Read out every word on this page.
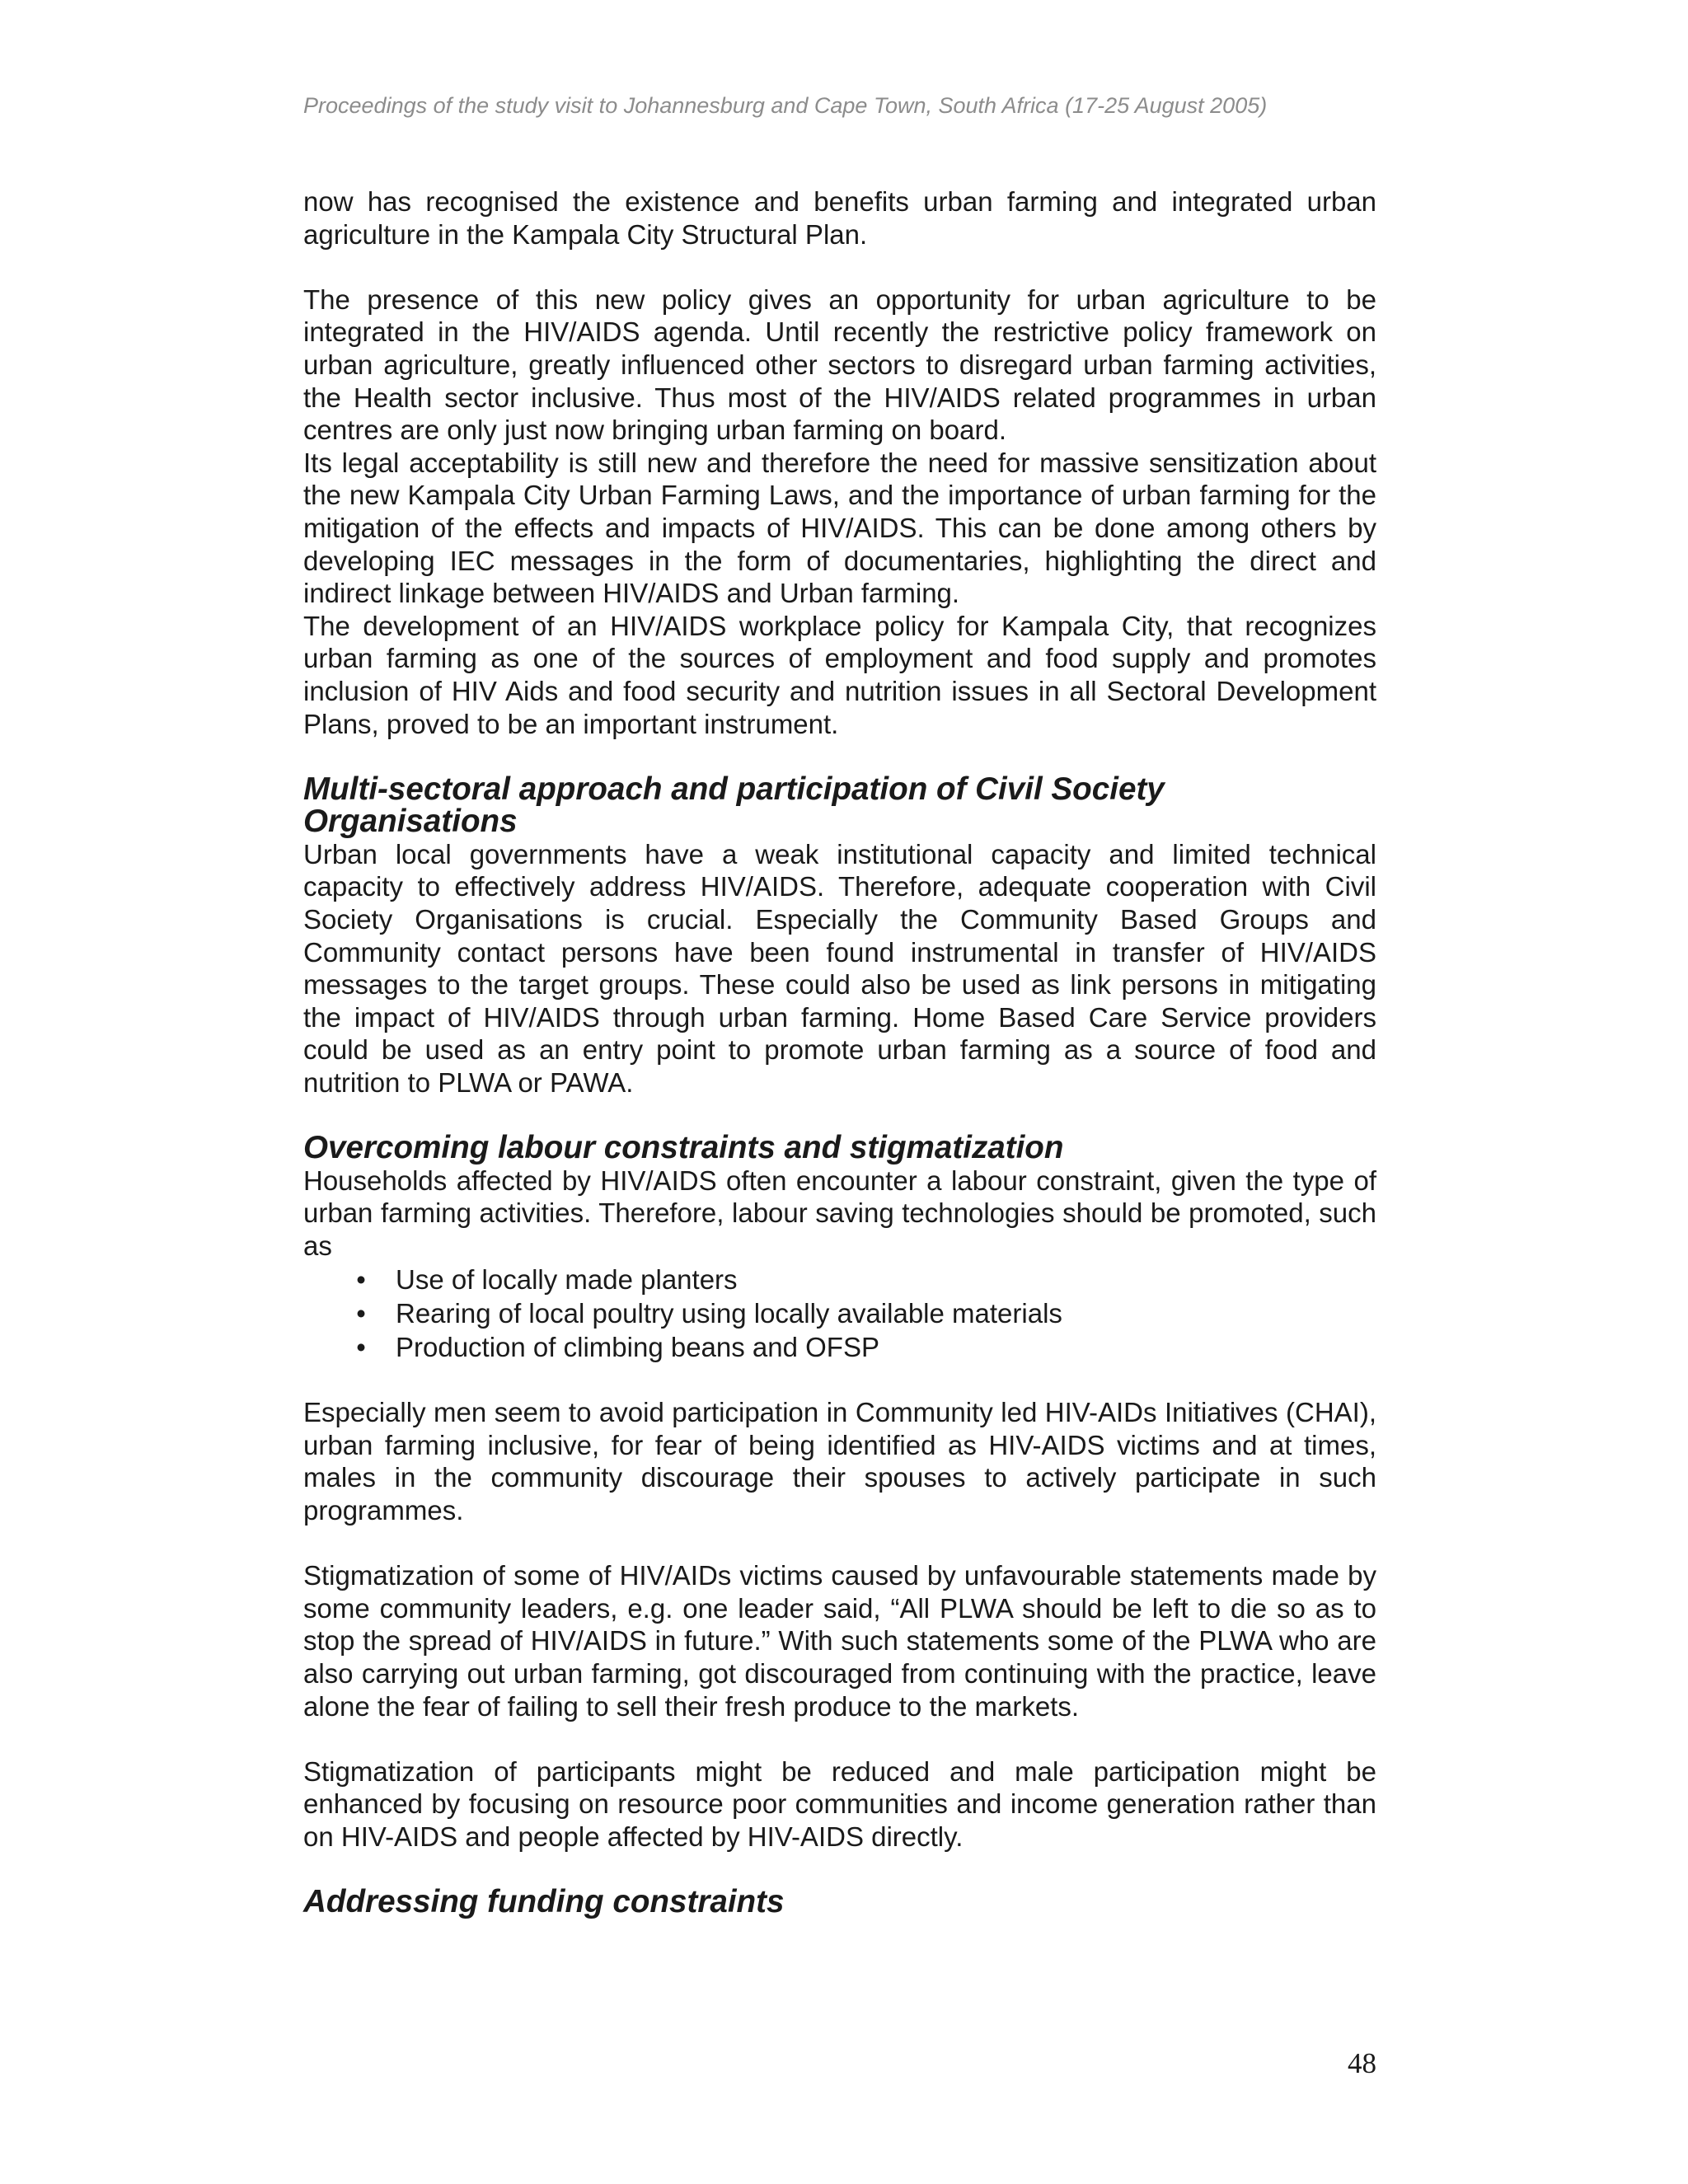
Proceedings of the study visit to Johannesburg and Cape Town, South Africa (17-25 August 2005)

now has recognised the existence and benefits urban farming and integrated urban agriculture in the Kampala City Structural Plan.

The presence of this new policy gives an opportunity for urban agriculture to be integrated in the HIV/AIDS agenda. Until recently the restrictive policy framework on urban agriculture, greatly influenced other sectors to disregard urban farming activities, the Health sector inclusive. Thus most of the HIV/AIDS related programmes in urban centres are only just now bringing urban farming on board.

Its legal acceptability is still new and therefore the need for massive sensitization about the new Kampala City Urban Farming Laws, and the importance of urban farming for the mitigation of the effects and impacts of HIV/AIDS. This can be done among others by developing IEC messages in the form of documentaries, highlighting the direct and indirect linkage between HIV/AIDS and Urban farming.

The development of an HIV/AIDS workplace policy for Kampala City, that recognizes urban farming as one of the sources of employment and food supply and promotes inclusion of HIV Aids and food security and nutrition issues in all Sectoral Development Plans, proved to be an important instrument.

Multi-sectoral approach and participation of Civil Society Organisations

Urban local governments have a weak institutional capacity and limited technical capacity to effectively address HIV/AIDS. Therefore, adequate cooperation with Civil Society Organisations is crucial. Especially the Community Based Groups and Community contact persons have been found instrumental in transfer of HIV/AIDS messages to the target groups. These could also be used as link persons in mitigating the impact of HIV/AIDS through urban farming. Home Based Care Service providers could be used as an entry point to promote urban farming as a source of food and nutrition to PLWA or PAWA.

Overcoming labour constraints and stigmatization

Households affected by HIV/AIDS often encounter a labour constraint, given the type of urban farming activities. Therefore, labour saving technologies should be promoted, such as

• Use of locally made planters
• Rearing of local poultry using locally available materials
• Production of climbing beans and OFSP

Especially men seem to avoid participation in Community led HIV-AIDs Initiatives (CHAI), urban farming inclusive, for fear of being identified as HIV-AIDS victims and at times, males in the community discourage their spouses to actively participate in such programmes.

Stigmatization of some of HIV/AIDs victims caused by unfavourable statements made by some community leaders, e.g. one leader said, “All PLWA should be left to die so as to stop the spread of HIV/AIDS in future.” With such statements some of the PLWA who are also carrying out urban farming, got discouraged from continuing with the practice, leave alone the fear of failing to sell their fresh produce to the markets.

Stigmatization of participants might be reduced and male participation might be enhanced by focusing on resource poor communities and income generation rather than on HIV-AIDS and people affected by HIV-AIDS directly.

Addressing funding constraints
48
